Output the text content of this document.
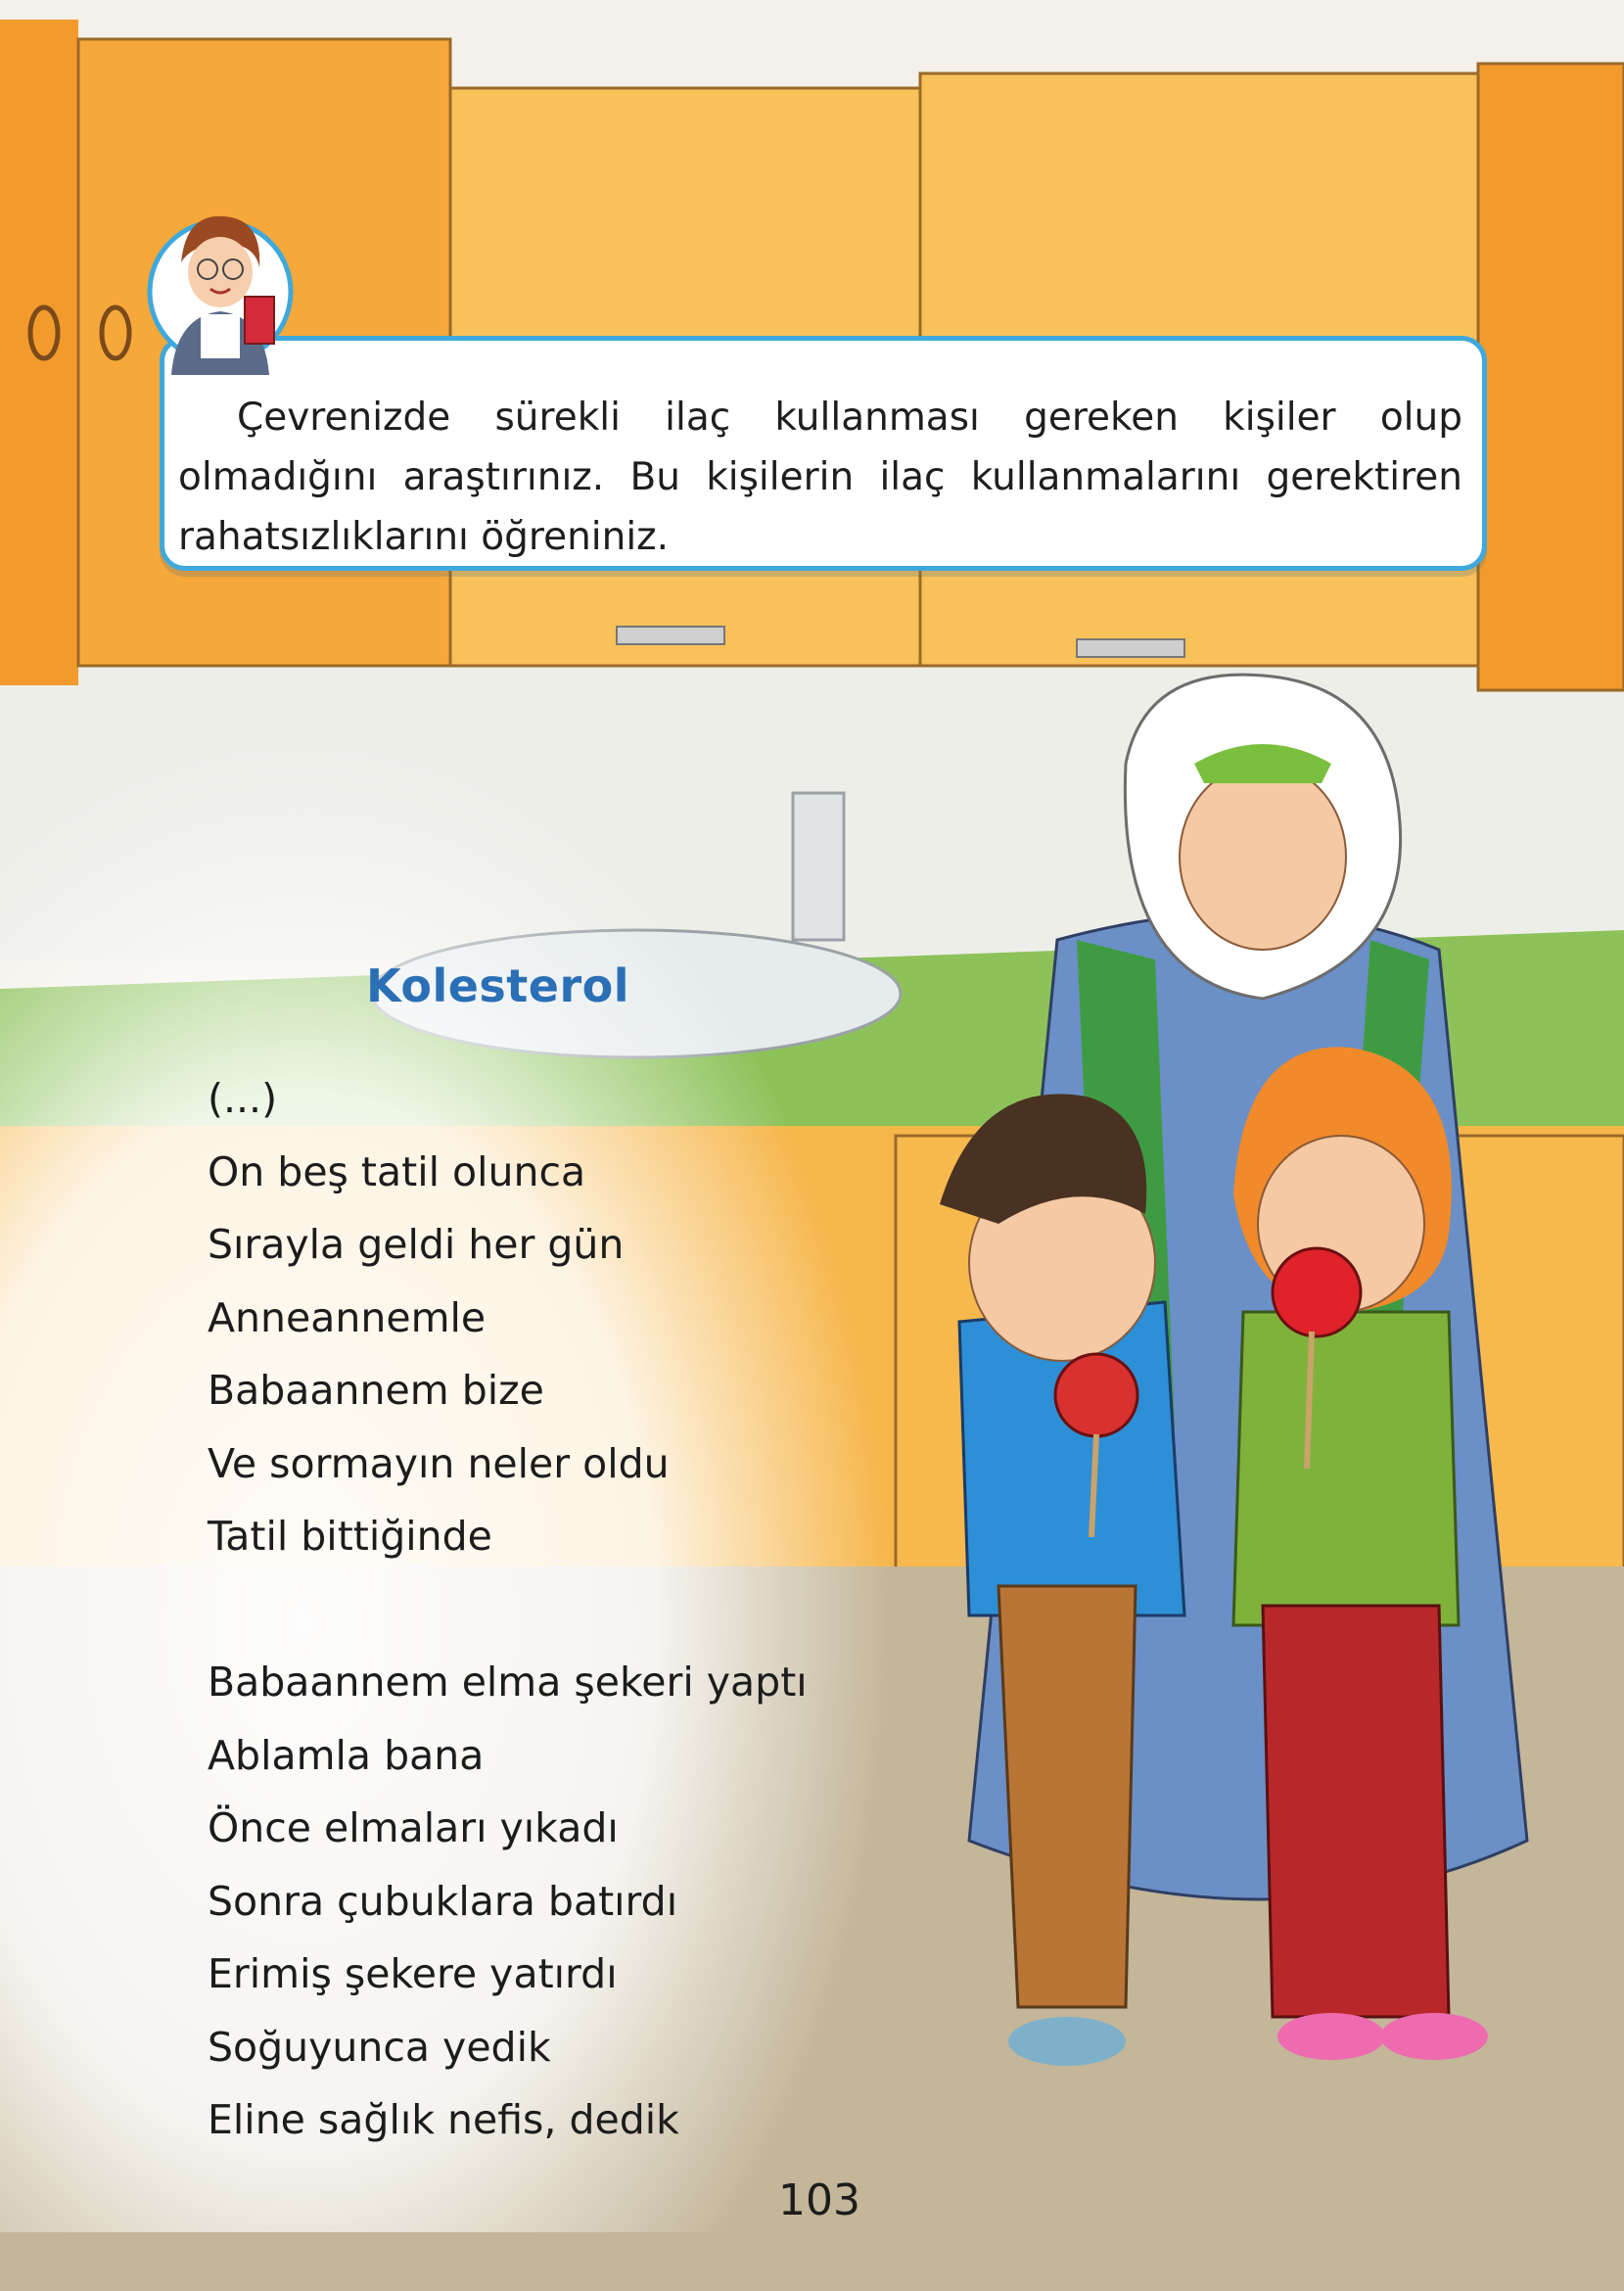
Çevrenizde sürekli ilaç kullanması gereken kişiler olup olmadığını araştırınız. Bu kişilerin ilaç kullanmalarını gerektiren rahatsızlıklarını öğreniniz.

Kolesterol
(...)
On beş tatil olunca
Sırayla geldi her gün
Anneannemle
Babaannem bize
Ve sormayın neler oldu
Tatil bittiğinde
Babaannem elma şekeri yaptı
Ablamla bana
Önce elmaları yıkadı
Sonra çubuklara batırdı
Erimiş şekere yatırdı
Soğuyunca yedik
Eline sağlık nefis, dedik
103
